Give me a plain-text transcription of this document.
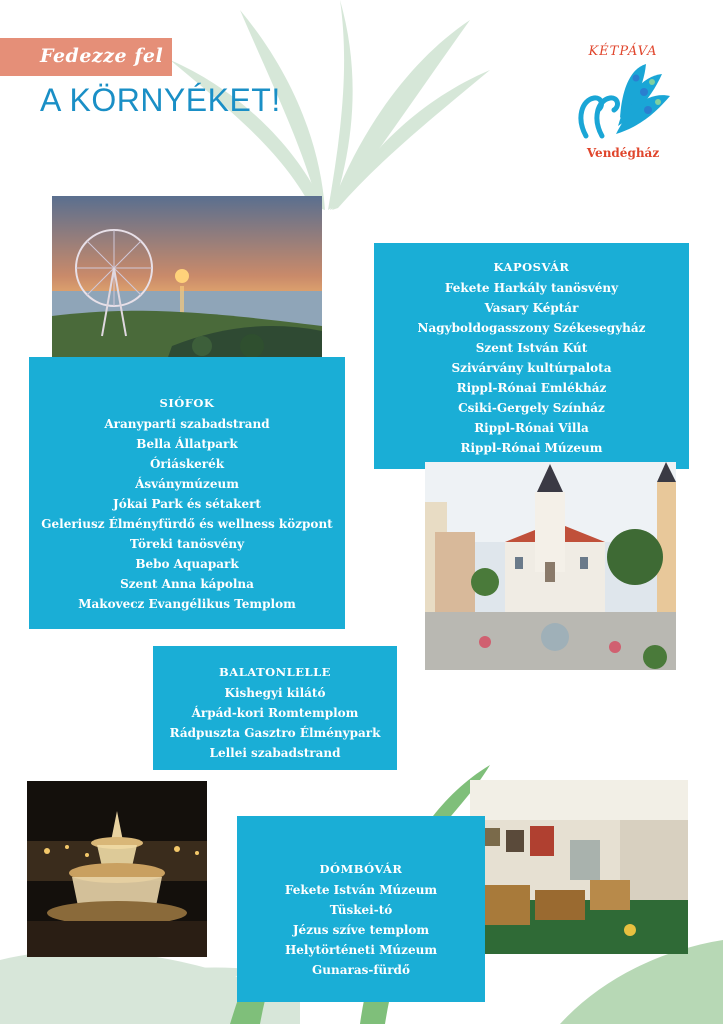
Fedezze fel
A KÖRNYÉKET!
KÉTPÁVA
Vendégház
SIÓFOK
Aranyparti szabadstrand
Bella Állatpark
Óriáskerék
Ásványmúzeum
Jókai Park és sétakert
Geleriusz Élményfürdő és wellness központ
Töreki tanösvény
Bebo Aquapark
Szent Anna kápolna
Makovecz Evangélikus Templom
KAPOSVÁR
Fekete Harkály tanösvény
Vasary Képtár
Nagyboldogasszony Székesegyház
Szent István Kút
Szivárvány kultúrpalota
Rippl-Rónai Emlékház
Csiki-Gergely Színház
Rippl-Rónai Villa
Rippl-Rónai Múzeum
BALATONLELLE
Kishegyi kilátó
Árpád-kori Romtemplom
Rádpuszta Gasztro Élménypark
Lellei szabadstrand
DÓMBÓVÁR
Fekete István Múzeum
Tüskei-tó
Jézus szíve templom
Helytörténeti Múzeum
Gunaras-fürdő
